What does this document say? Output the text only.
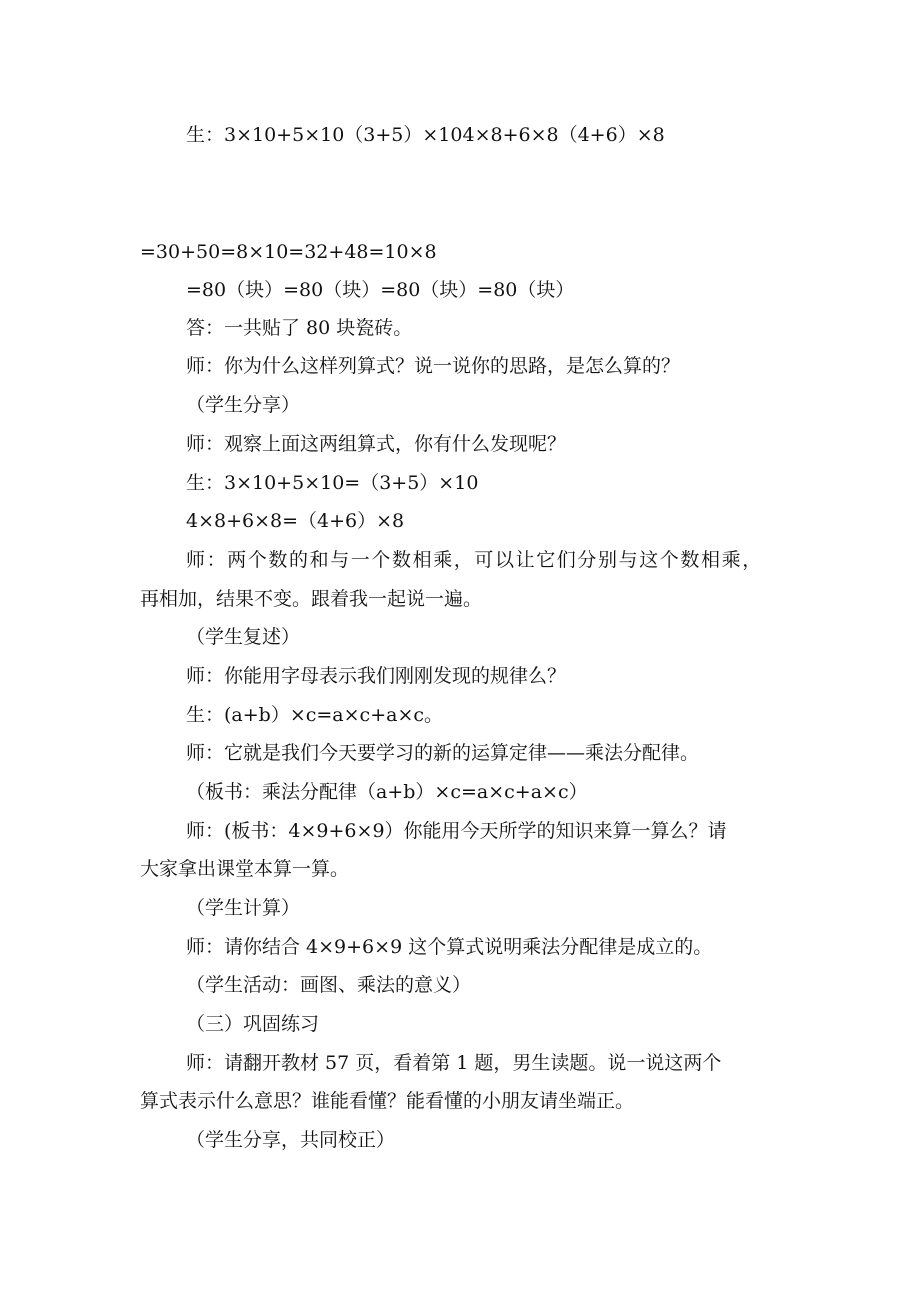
生：3×10+5×10（3+5）×104×8+6×8（4+6）×8
=30+50=8×10=32+48=10×8
=80（块）=80（块）=80（块）=80（块）
答：一共贴了 80 块瓷砖。
师：你为什么这样列算式？说一说你的思路，是怎么算的？
（学生分享）
师：观察上面这两组算式，你有什么发现呢？
生：3×10+5×10=（3+5）×10
4×8+6×8=（4+6）×8
师：两个数的和与一个数相乘，可以让它们分别与这个数相乘，
再相加，结果不变。跟着我一起说一遍。
（学生复述）
师：你能用字母表示我们刚刚发现的规律么？
生：(a+b）×c=a×c+a×c。
师：它就是我们今天要学习的新的运算定律——乘法分配律。
（板书：乘法分配律（a+b）×c=a×c+a×c）
师：(板书：4×9+6×9）你能用今天所学的知识来算一算么？请
大家拿出课堂本算一算。
（学生计算）
师：请你结合 4×9+6×9 这个算式说明乘法分配律是成立的。
（学生活动：画图、乘法的意义）
（三）巩固练习
师：请翻开教材 57 页，看着第 1 题，男生读题。说一说这两个
算式表示什么意思？谁能看懂？能看懂的小朋友请坐端正。
（学生分享，共同校正）
